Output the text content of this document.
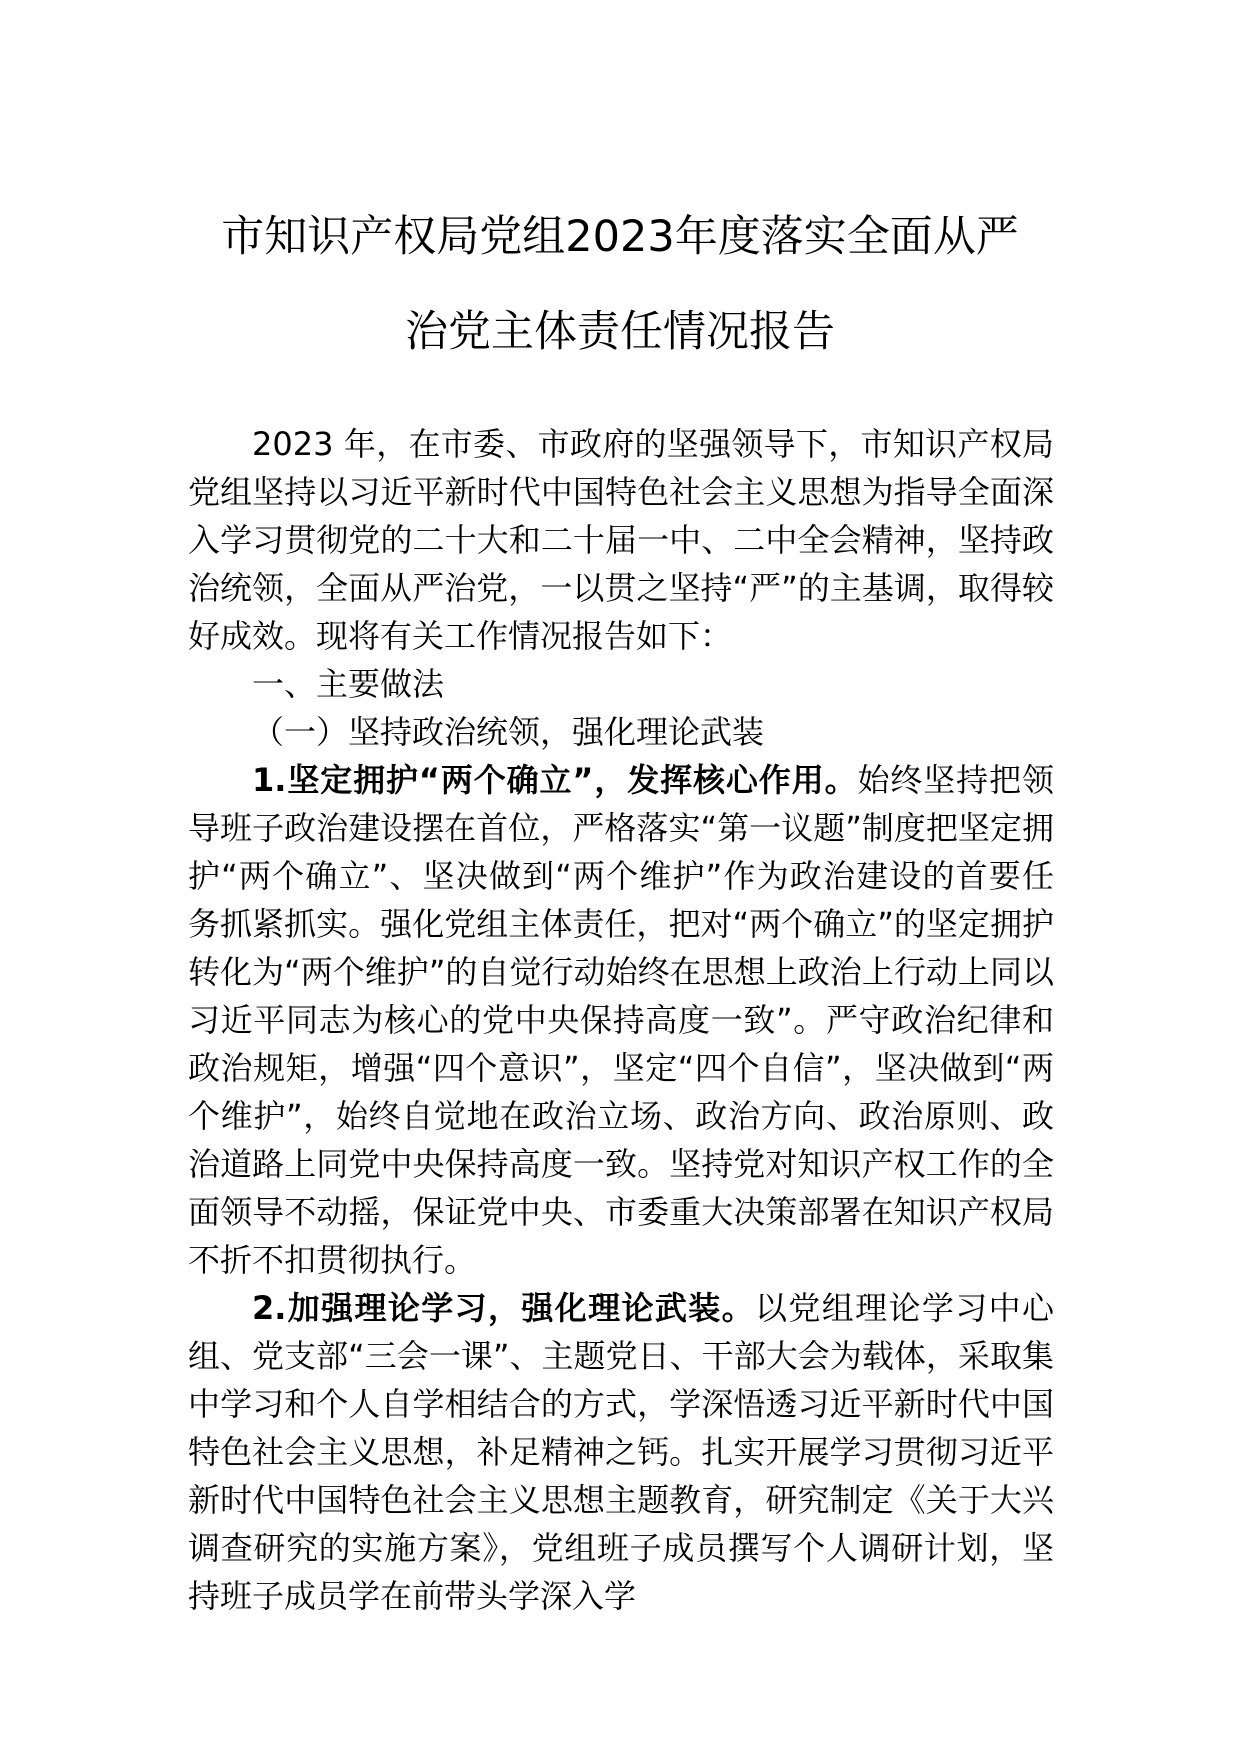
市知识产权局党组2023年度落实全面从严
治党主体责任情况报告

2023 年，在市委、市政府的坚强领导下，市知识产权局党组坚持以习近平新时代中国特色社会主义思想为指导全面深入学习贯彻党的二十大和二十届一中、二中全会精神，坚持政治统领，全面从严治党，一以贯之坚持“严”的主基调，取得较好成效。现将有关工作情况报告如下：

一、主要做法

（一）坚持政治统领，强化理论武装

1.坚定拥护“两个确立”，发挥核心作用。始终坚持把领导班子政治建设摆在首位，严格落实“第一议题”制度把坚定拥护“两个确立”、坚决做到“两个维护”作为政治建设的首要任务抓紧抓实。强化党组主体责任，把对“两个确立”的坚定拥护转化为“两个维护”的自觉行动始终在思想上政治上行动上同以习近平同志为核心的党中央保持高度一致”。严守政治纪律和政治规矩，增强“四个意识”，坚定“四个自信”，坚决做到“两个维护”，始终自觉地在政治立场、政治方向、政治原则、政治道路上同党中央保持高度一致。坚持党对知识产权工作的全面领导不动摇，保证党中央、市委重大决策部署在知识产权局不折不扣贯彻执行。

2.加强理论学习，强化理论武装。以党组理论学习中心组、党支部“三会一课”、主题党日、干部大会为载体，采取集中学习和个人自学相结合的方式，学深悟透习近平新时代中国特色社会主义思想，补足精神之钙。扎实开展学习贯彻习近平新时代中国特色社会主义思想主题教育，研究制定《关于大兴调查研究的实施方案》，党组班子成员撰写个人调研计划，坚持班子成员学在前带头学深入学
